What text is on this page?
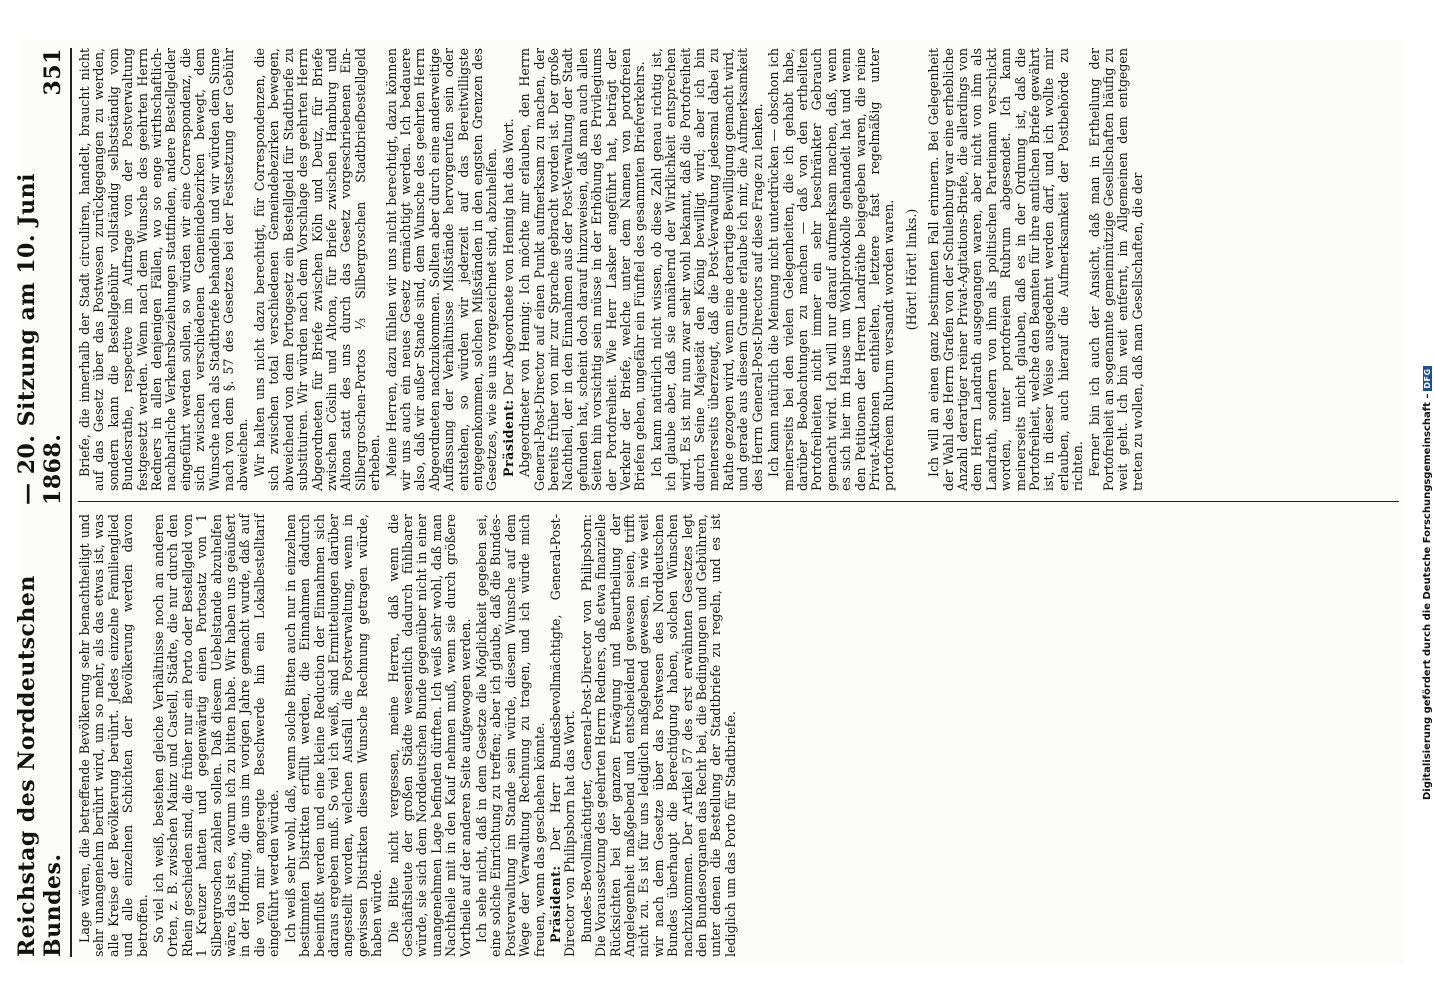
Reichstag des Norddeutschen Bundes.
— 20. Sitzung am 10. Juni 1868.
351

Lage wären, die betreffende Bevölkerung sehr benachtheiligt und sehr unangenehm berührt wird, um so mehr, als das etwas ist, was alle Kreise der Bevölkerung berührt. Jedes einzelne Familienglied und alle einzelnen Schichten der Bevölkerung werden davon betroffen. So viel ich weiß, bestehen gleiche Verhältnisse noch an anderen Orten, z. B. zwischen Mainz und Castell, Städte, die nur durch den Rhein geschieden sind, die früher nur ein Porto oder Bestellgeld von 1 Kreuzer hatten und gegenwärtig einen Portosatz von 1 Silbergroschen zahlen sollen. Daß diesem Uebelstande abzuhelfen wäre, das ist es, worum ich zu bitten habe. Wir haben uns geäußert in der Hoffnung, die uns im vorigen Jahre gemacht wurde, daß auf die von mir angeregte Beschwerde hin ein Lokalbestelltarif eingeführt werden würde. Ich weiß sehr wohl, daß, wenn solche Bitten auch nur in einzelnen bestimmten Distrikten erfüllt werden, die Einnahmen dadurch beeinflußt werden und eine kleine Reduction der Einnahmen sich daraus ergeben muß. So viel ich weiß, sind Ermittelungen darüber angestellt worden, welchen Ausfall die Postverwaltung, wenn in gewissen Distrikten diesem Wunsche Rechnung getragen würde, haben würde. Die Bitte nicht vergessen, meine Herren, daß wenn die Geschäftsleute der großen Städte wesentlich dadurch fühlbarer würde, sie sich dem Norddeutschen Bunde gegenüber nicht in einer unangenehmen Lage befinden dürften. Ich weiß sehr wohl, daß man Nachtheile mit in den Kauf nehmen muß, wenn sie durch größere Vortheile auf der anderen Seite aufgewogen werden. Ich sehe nicht, daß in dem Gesetze die Möglichkeit gegeben sei, eine solche Einrichtung zu treffen; aber ich glaube, daß die Bundes-Postverwaltung im Stande sein würde, diesem Wunsche auf dem Wege der Verwaltung Rechnung zu tragen, und ich würde mich freuen, wenn das geschehen könnte. Präsident: Der Herr Bundesbevollmächtigte, General-Post-Director von Philipsborn hat das Wort. Bundes-Bevollmächtigter, General-Post-Director von Philipsborn: Die Voraussetzung des geehrten Herrn Redners, daß etwa finanzielle Rücksichten bei der ganzen Erwägung und Beurtheilung der Angelegenheit maßgebend und entscheidend gewesen seien, trifft nicht zu. Es ist für uns lediglich maßgebend gewesen, in wie weit wir nach dem Gesetze über das Postwesen des Norddeutschen Bundes überhaupt die Berechtigung haben, solchen Wünschen nachzukommen. Der Artikel 57 des erst erwähnten Gesetzes legt den Bundesorganen das Recht bei, die Bedingungen und Gebühren, unter denen die Bestellung der Stadtbriefe zu regeln, und es ist lediglich um das Porto für Stadtbriefe.

Briefe, die innerhalb der Stadt circuliren, handelt, braucht nicht auf das Gesetz über das Postwesen zurückgegangen zu werden, sondern kann die Bestellgebühr vollständig selbstständig vom Bundesrathe, respective im Auftrage von der Postverwaltung festgesetzt werden. Wenn nach dem Wunsche des geehrten Herrn Redners in allen denjenigen Fällen, wo so enge wirthschaftlich-nachbarliche Verkehrsbeziehungen stattfinden, andere Bestellgelder eingeführt werden sollen, so würden wir eine Correspondenz, die sich zwischen verschiedenen Gemeindebezirken bewegt, dem Wunsche nach als Stadtbriefe behandeln und wir würden dem Sinne nach von dem §. 57 des Gesetzes bei der Festsetzung der Gebühr abweichen. Wir halten uns nicht dazu berechtigt, für Correspondenzen, die sich zwischen total verschiedenen Gemeindebezirken bewegen, abweichend von dem Portogesetz ein Bestellgeld für Stadtbriefe zu substituiren. Wir würden nach dem Vorschlage des geehrten Herrn Abgeordneten für Briefe zwischen Köln und Deutz, für Briefe zwischen Cöslin und Altona, für Briefe zwischen Hamburg und Altona statt des uns durch das Gesetz vorgeschriebenen Ein-Silbergroschen-Portos ⅓ Silbergroschen Stadtbriefbestellgeld erheben. Meine Herren, dazu fühlen wir uns nicht berechtigt, dazu können wir uns auch ein neues Gesetz ermächtigt werden. Ich bedauere also, daß wir außer Stande sind, dem Wunsche des geehrten Herrn Abgeordneten nachzukommen. Sollten aber durch eine anderweitige Auffassung der Verhältnisse Mißstände hervorgerufen sein oder entstehen, so würden wir jederzeit auf das Bereitwilligste entgegenkommen, solchen Mißständen in den engsten Grenzen des Gesetzes, wie sie uns vorgezeichnet sind, abzuhelfen. Präsident: Der Abgeordnete von Hennig hat das Wort. Abgeordneter von Hennig: Ich möchte mir erlauben, den Herrn General-Post-Director auf einen Punkt aufmerksam zu machen, der bereits früher von mir zur Sprache gebracht worden ist. Der große Nachtheil, der in den Einnahmen aus der Post-Verwaltung der Stadt gefunden hat, scheint doch darauf hinzuweisen, daß man auch allen Seiten hin vorsichtig sein müsse in der Erhöhung des Privilegiums der Portofreiheit. Wie Herr Lasker angeführt hat, beträgt der Verkehr der Briefe, welche unter dem Namen von portofreien Briefen gehen, ungefähr ein Fünftel des gesammten Briefverkehrs. Ich kann natürlich nicht wissen, ob diese Zahl genau richtig ist, ich glaube aber, daß sie annähernd der Wirklichkeit entsprechen wird. Es ist mir nun zwar sehr wohl bekannt, daß die Portofreiheit durch Seine Majestät den König bewilligt wird; aber ich bin meinerseits überzeugt, daß die Post-Verwaltung jedesmal dabei zu Rathe gezogen wird, wenn eine derartige Bewilligung gemacht wird, und gerade aus diesem Grunde erlaube ich mir, die Aufmerksamkeit des Herrn General-Post-Directors auf diese Frage zu lenken. Ich kann natürlich die Meinung nicht unterdrücken — obschon ich meinerseits bei den vielen Gelegenheiten, die ich gehabt habe, darüber Beobachtungen zu machen — daß von den ertheilten Portofreiheiten nicht immer ein sehr beschränkter Gebrauch gemacht wird. Ich will nur darauf aufmerksam machen, daß, wenn es sich hier im Hause um Wohlprotokolle gehandelt hat und wenn den Petitionen der Herren Landräthe beigegeben waren, die reine Privat-Aktionen enthielten, letztere fast regelmäßig unter portofreiem Rubrum versandt worden waren. (Hört! Hört! links.) Ich will an einen ganz bestimmten Fall erinnern. Bei Gelegenheit der Wahl des Herrn Grafen von der Schulenburg war eine erhebliche Anzahl derartiger reiner Privat-Agitations-Briefe, die allerdings von dem Herrn Landrath ausgegangen waren, aber nicht von ihm als Landrath, sondern von ihm als politischen Parteimann verschickt worden, unter portofreiem Rubrum abgesendet. Ich kann meinerseits nicht glauben, daß es in der Ordnung ist, daß die Portofreiheit, welche den Beamten für ihre amtlichen Briefe gewährt ist, in dieser Weise ausgedehnt werden darf, und ich wollte mir erlauben, auch hierauf die Aufmerksamkeit der Postbehörde zu richten. Ferner bin ich auch der Ansicht, daß man in Ertheilung der Portofreiheit an sogenannte gemeinnützige Gesellschaften häufig zu weit geht. Ich bin weit entfernt, im Allgemeinen dem entgegen treten zu wollen, daß man Gesellschaften, die der

Digitalisierung gefördert durch die Deutsche Forschungsgemeinschaft –
DFG
